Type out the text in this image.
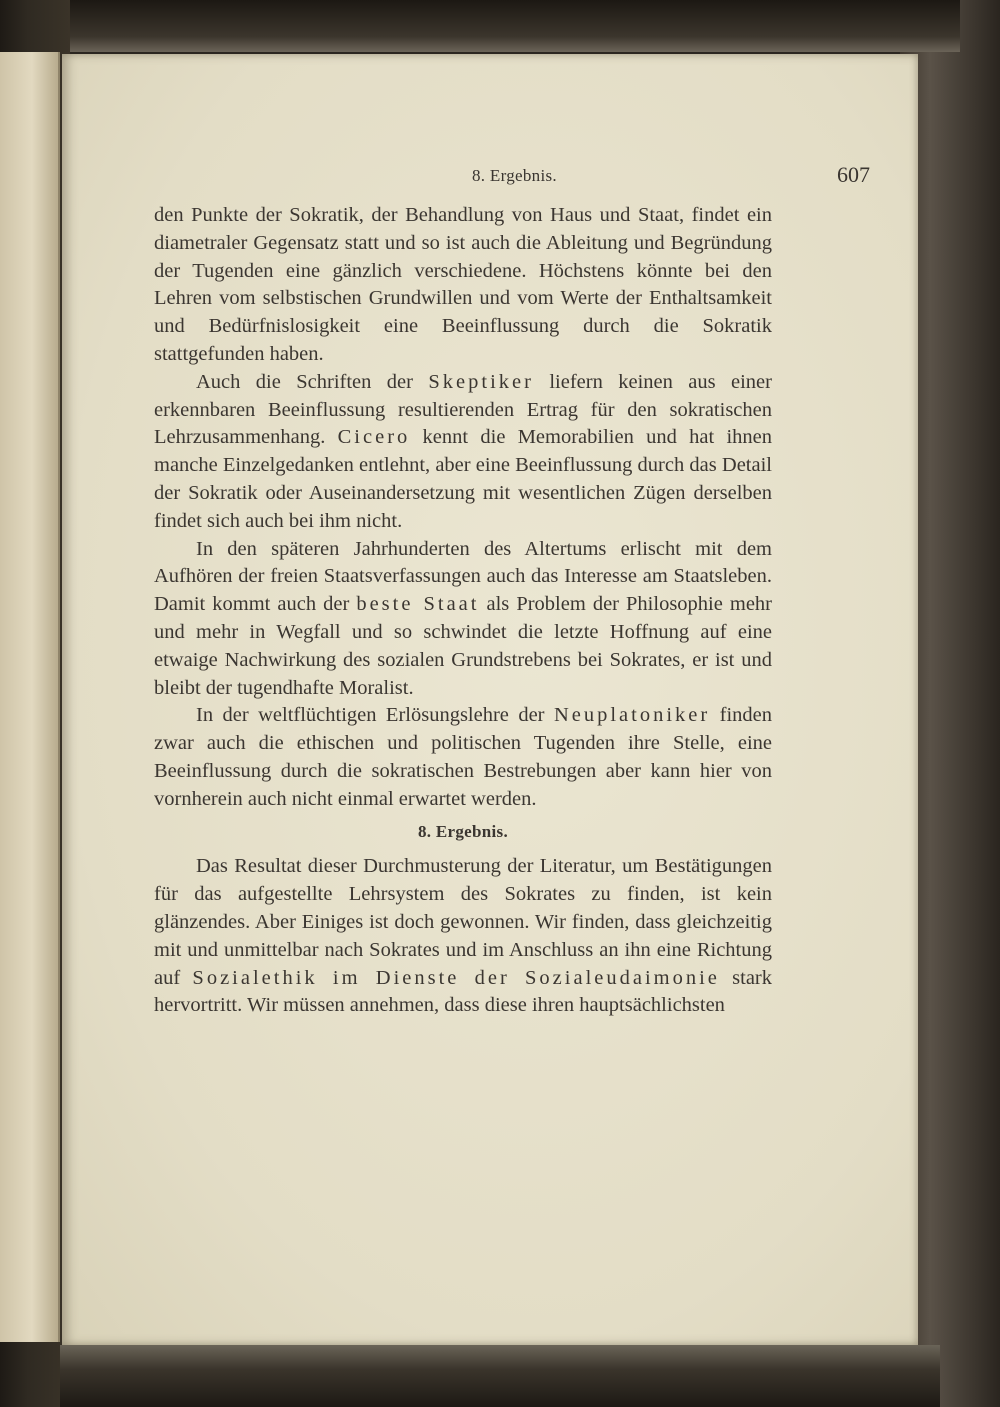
8. Ergebnis.	607

den Punkte der Sokratik, der Behandlung von Haus und Staat, findet ein diametraler Gegensatz statt und so ist auch die Ableitung und Begründung der Tugenden eine gänzlich verschiedene. Höchstens könnte bei den Lehren vom selbstischen Grundwillen und vom Werte der Enthaltsamkeit und Bedürfnislosigkeit eine Beeinflussung durch die Sokratik stattgefunden haben.

Auch die Schriften der Skeptiker liefern keinen aus einer erkennbaren Beeinflussung resultierenden Ertrag für den sokratischen Lehrzusammenhang. Cicero kennt die Memorabilien und hat ihnen manche Einzelgedanken entlehnt, aber eine Beeinflussung durch das Detail der Sokratik oder Auseinandersetzung mit wesentlichen Zügen derselben findet sich auch bei ihm nicht.

In den späteren Jahrhunderten des Altertums erlischt mit dem Aufhören der freien Staatsverfassungen auch das Interesse am Staatsleben. Damit kommt auch der beste Staat als Problem der Philosophie mehr und mehr in Wegfall und so schwindet die letzte Hoffnung auf eine etwaige Nachwirkung des sozialen Grundstrebens bei Sokrates, er ist und bleibt der tugendhafte Moralist.

In der weltflüchtigen Erlösungslehre der Neuplatoniker finden zwar auch die ethischen und politischen Tugenden ihre Stelle, eine Beeinflussung durch die sokratischen Bestrebungen aber kann hier von vornherein auch nicht einmal erwartet werden.

8. Ergebnis.

Das Resultat dieser Durchmusterung der Literatur, um Bestätigungen für das aufgestellte Lehrsystem des Sokrates zu finden, ist kein glänzendes. Aber Einiges ist doch gewonnen. Wir finden, dass gleichzeitig mit und unmittelbar nach Sokrates und im Anschluss an ihn eine Richtung auf Sozialethik im Dienste der Sozialeudaimonie stark hervortritt. Wir müssen annehmen, dass diese ihren hauptsächlichsten
